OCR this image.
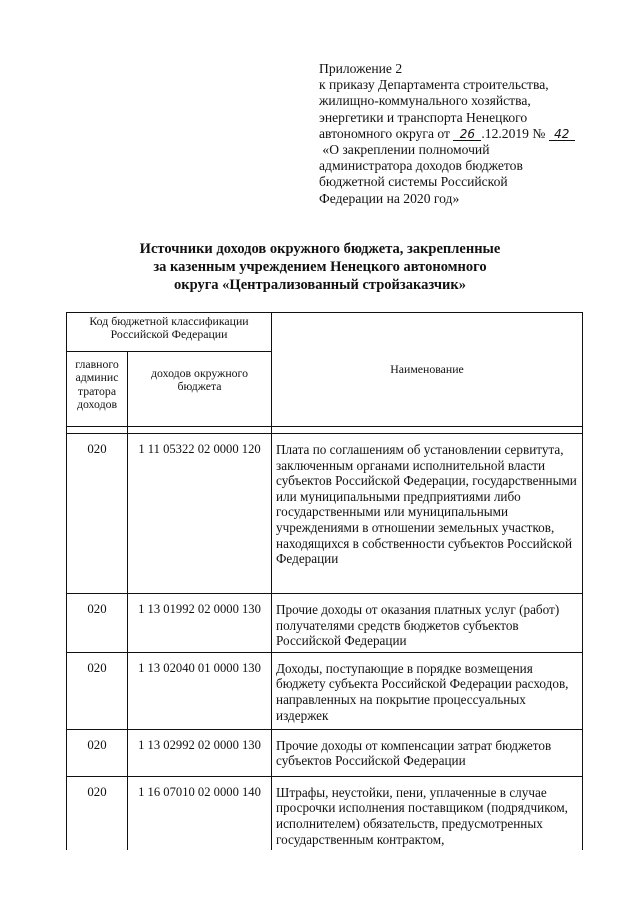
Приложение 2
к приказу Департамента строительства,
жилищно-коммунального хозяйства,
энергетики и транспорта Ненецкого
автономного округа от 26 .12.2019 № 42
«О закреплении полномочий
администратора доходов бюджетов
бюджетной системы Российской
Федерации на 2020 год»
Источники доходов окружного бюджета, закрепленные
за казенным учреждением Ненецкого автономного
округа «Централизованный стройзаказчик»
Код бюджетной классификации Российской Федерации		Наименование
главного админис тратора доходов	доходов окружного бюджета	

020	1 11 05322 02 0000 120	Плата по соглашениям об установлении сервитута, заключенным органами исполнительной власти субъектов Российской Федерации, государственными или муниципальными предприятиями либо государственными или муниципальными учреждениями в отношении земельных участков, находящихся в собственности субъектов Российской Федерации
020	1 13 01992 02 0000 130	Прочие доходы от оказания платных услуг (работ) получателями средств бюджетов субъектов Российской Федерации
020	1 13 02040 01 0000 130	Доходы, поступающие в порядке возмещения бюджету субъекта Российской Федерации расходов, направленных на покрытие процессуальных издержек
020	1 13 02992 02 0000 130	Прочие доходы от компенсации затрат бюджетов субъектов Российской Федерации
020	1 16 07010 02 0000 140	Штрафы, неустойки, пени, уплаченные в случае просрочки исполнения поставщиком (подрядчиком, исполнителем) обязательств, предусмотренных государственным контрактом,
